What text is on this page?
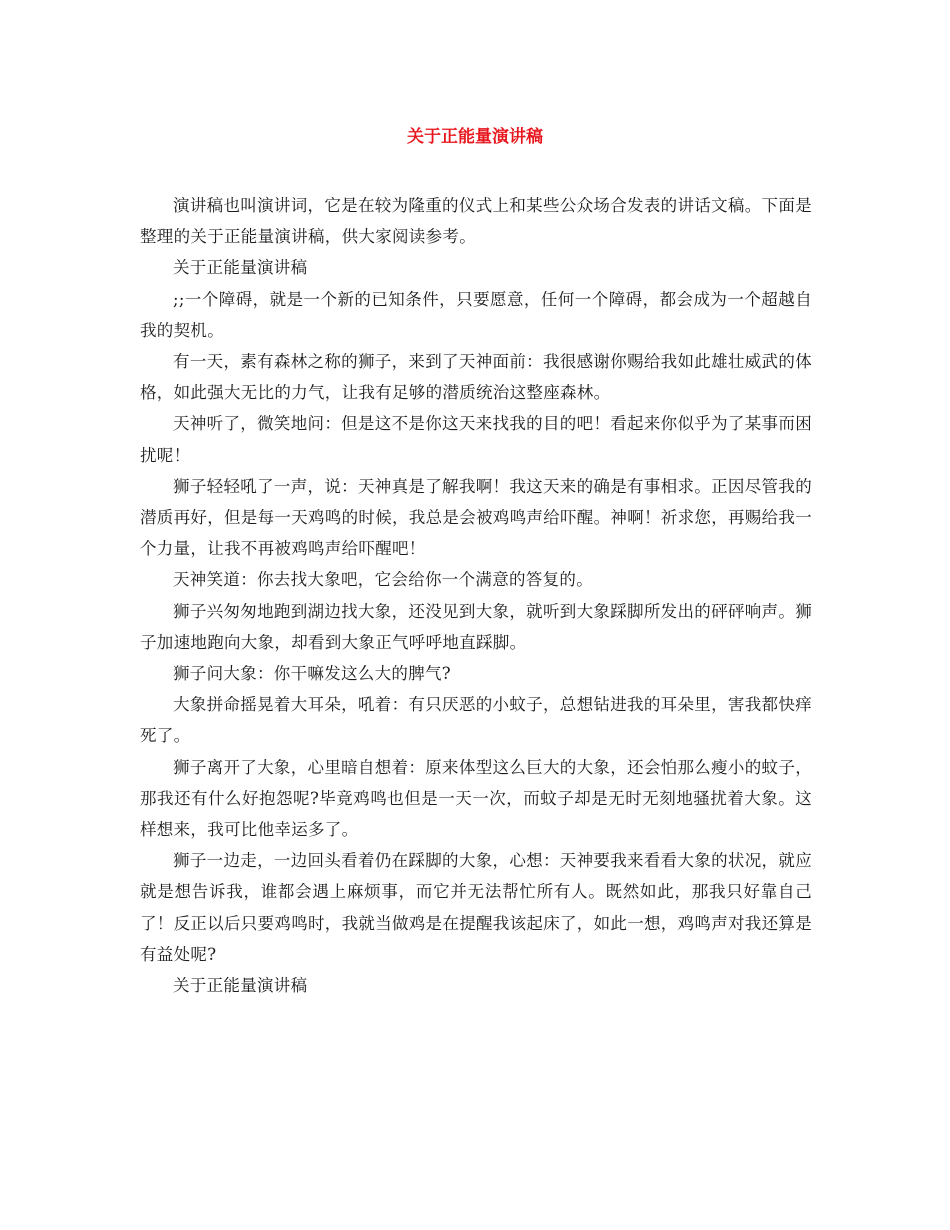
关于正能量演讲稿

演讲稿也叫演讲词，它是在较为隆重的仪式上和某些公众场合发表的讲话文稿。下面是整理的关于正能量演讲稿，供大家阅读参考。

关于正能量演讲稿

;;一个障碍，就是一个新的已知条件，只要愿意，任何一个障碍，都会成为一个超越自我的契机。

有一天，素有森林之称的狮子，来到了天神面前：我很感谢你赐给我如此雄壮威武的体格，如此强大无比的力气，让我有足够的潜质统治这整座森林。

天神听了，微笑地问：但是这不是你这天来找我的目的吧！看起来你似乎为了某事而困扰呢！

狮子轻轻吼了一声，说：天神真是了解我啊！我这天来的确是有事相求。正因尽管我的潜质再好，但是每一天鸡鸣的时候，我总是会被鸡鸣声给吓醒。神啊！祈求您，再赐给我一个力量，让我不再被鸡鸣声给吓醒吧！

天神笑道：你去找大象吧，它会给你一个满意的答复的。

狮子兴匆匆地跑到湖边找大象，还没见到大象，就听到大象踩脚所发出的砰砰响声。狮子加速地跑向大象，却看到大象正气呼呼地直踩脚。

狮子问大象：你干嘛发这么大的脾气?

大象拼命摇晃着大耳朵，吼着：有只厌恶的小蚊子，总想钻进我的耳朵里，害我都快痒死了。

狮子离开了大象，心里暗自想着：原来体型这么巨大的大象，还会怕那么瘦小的蚊子，那我还有什么好抱怨呢?毕竟鸡鸣也但是一天一次，而蚊子却是无时无刻地骚扰着大象。这样想来，我可比他幸运多了。

狮子一边走，一边回头看着仍在踩脚的大象，心想：天神要我来看看大象的状况，就应就是想告诉我，谁都会遇上麻烦事，而它并无法帮忙所有人。既然如此，那我只好靠自己了！反正以后只要鸡鸣时，我就当做鸡是在提醒我该起床了，如此一想，鸡鸣声对我还算是有益处呢?

关于正能量演讲稿
